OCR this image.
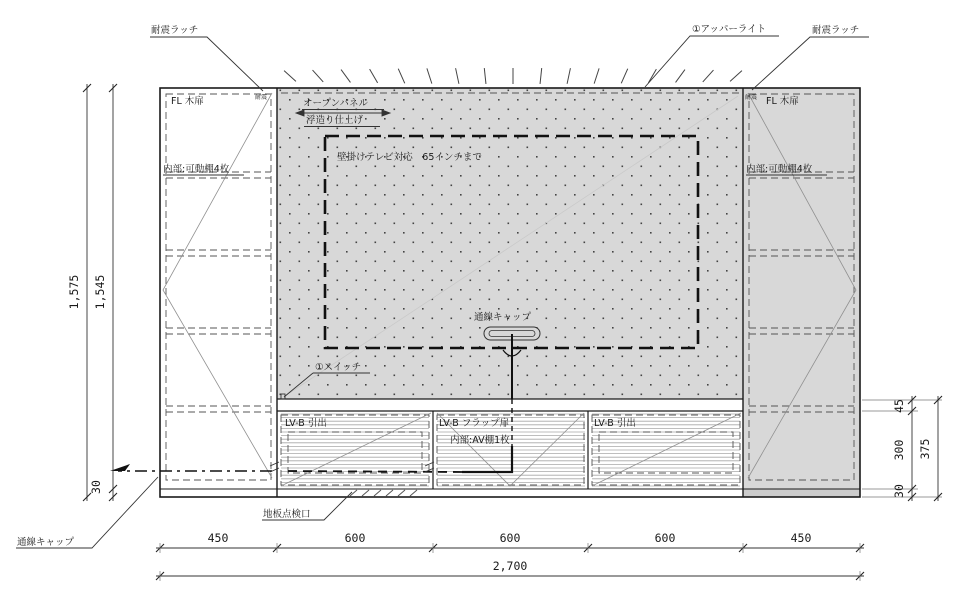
耐震ラッチ	①アッパーライト	耐震ラッチ
耐震	耐震
FL 木扉	FL 木扉
内部:可動棚4枚	内部:可動棚4枚
オープンパネル
浮造り仕上げ
壁掛けテレビ対応　65インチまで
通線キャップ
①スイッチ
LV-B 引出	LV-B フラップ扉
内部:AV棚1枚
LV-B 引出
地板点検口
通線キャップ
1,575 1,545
30
45
300
30
375
450	600	600	600	450
2,700
